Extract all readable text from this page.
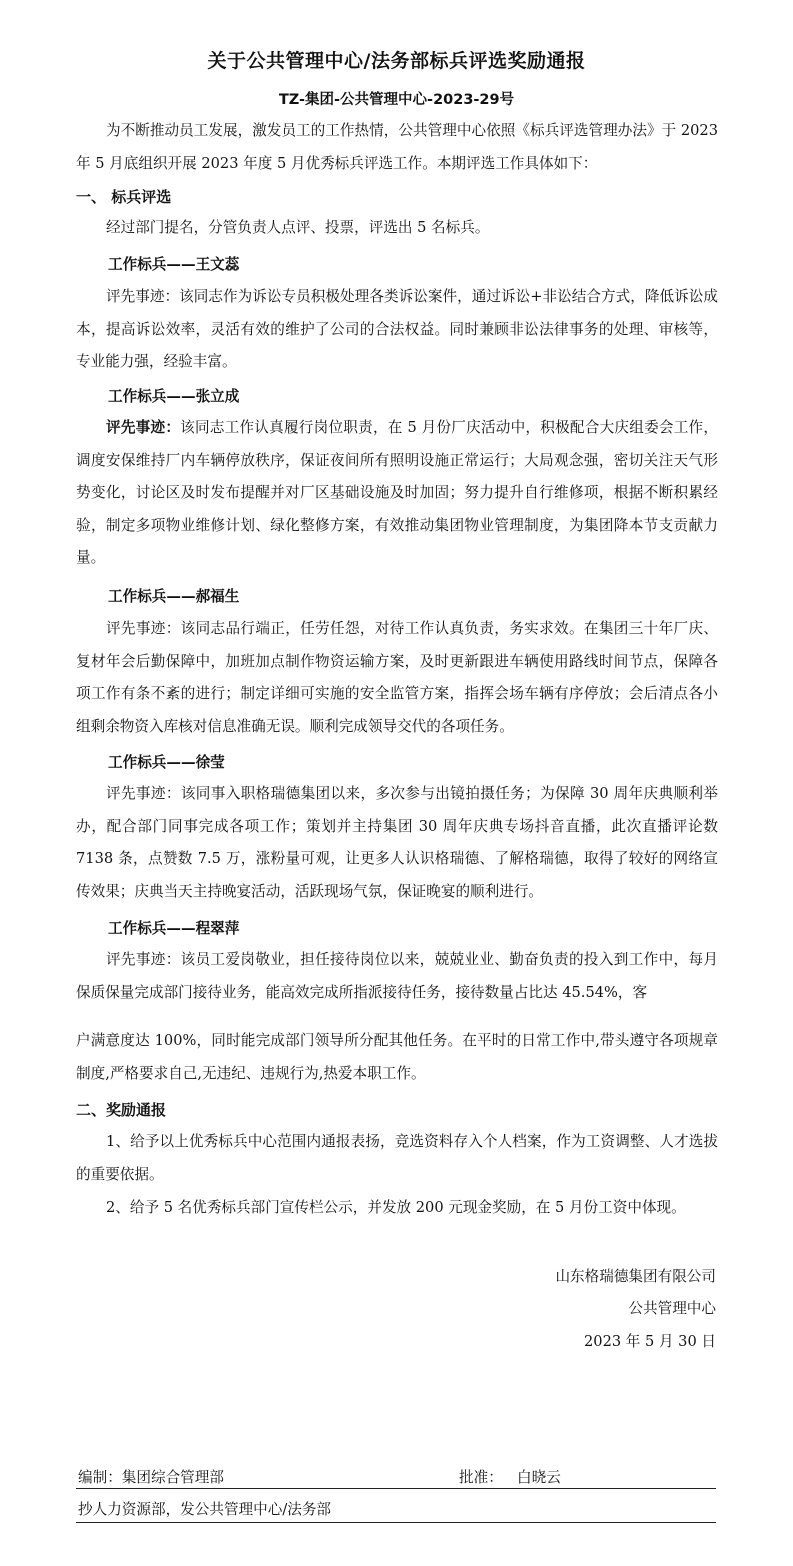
关于公共管理中心/法务部标兵评选奖励通报
TZ-集团-公共管理中心-2023-29号

为不断推动员工发展，激发员工的工作热情，公共管理中心依照《标兵评选管理办法》于 2023 年 5 月底组织开展 2023 年度 5 月优秀标兵评选工作。本期评选工作具体如下：

一、 标兵评选

经过部门提名，分管负责人点评、投票，评选出 5 名标兵。

工作标兵——王文蕊

评先事迹：该同志作为诉讼专员积极处理各类诉讼案件，通过诉讼+非讼结合方式，降低诉讼成本，提高诉讼效率，灵活有效的维护了公司的合法权益。同时兼顾非讼法律事务的处理、审核等，专业能力强，经验丰富。

工作标兵——张立成

评先事迹：该同志工作认真履行岗位职责，在 5 月份厂庆活动中，积极配合大庆组委会工作，调度安保维持厂内车辆停放秩序，保证夜间所有照明设施正常运行；大局观念强，密切关注天气形势变化，讨论区及时发布提醒并对厂区基础设施及时加固；努力提升自行维修项，根据不断积累经验，制定多项物业维修计划、绿化整修方案，有效推动集团物业管理制度，为集团降本节支贡献力量。

工作标兵——郝福生

评先事迹：该同志品行端正，任劳任怨，对待工作认真负责，务实求效。在集团三十年厂庆、复材年会后勤保障中，加班加点制作物资运输方案，及时更新跟进车辆使用路线时间节点，保障各项工作有条不紊的进行；制定详细可实施的安全监管方案，指挥会场车辆有序停放；会后清点各小组剩余物资入库核对信息准确无误。顺利完成领导交代的各项任务。

工作标兵——徐莹

评先事迹：该同事入职格瑞德集团以来，多次参与出镜拍摄任务；为保障 30 周年庆典顺利举办，配合部门同事完成各项工作；策划并主持集团 30 周年庆典专场抖音直播，此次直播评论数 7138 条，点赞数 7.5 万，涨粉量可观，让更多人认识格瑞德、了解格瑞德，取得了较好的网络宣传效果；庆典当天主持晚宴活动，活跃现场气氛，保证晚宴的顺利进行。

工作标兵——程翠萍

评先事迹：该员工爱岗敬业，担任接待岗位以来，兢兢业业、勤奋负责的投入到工作中，每月保质保量完成部门接待业务，能高效完成所指派接待任务，接待数量占比达 45.54%，客

户满意度达 100%，同时能完成部门领导所分配其他任务。在平时的日常工作中,带头遵守各项规章制度,严格要求自己,无违纪、违规行为,热爱本职工作。

二、奖励通报

1、给予以上优秀标兵中心范围内通报表扬，竞选资料存入个人档案，作为工资调整、人才选拔的重要依据。

2、给予 5 名优秀标兵部门宣传栏公示，并发放 200 元现金奖励，在 5 月份工资中体现。

山东格瑞德集团有限公司
公共管理中心
2023 年 5 月 30 日
编制：集团综合管理部	批准： 白晓云
抄人力资源部，发公共管理中心/法务部
